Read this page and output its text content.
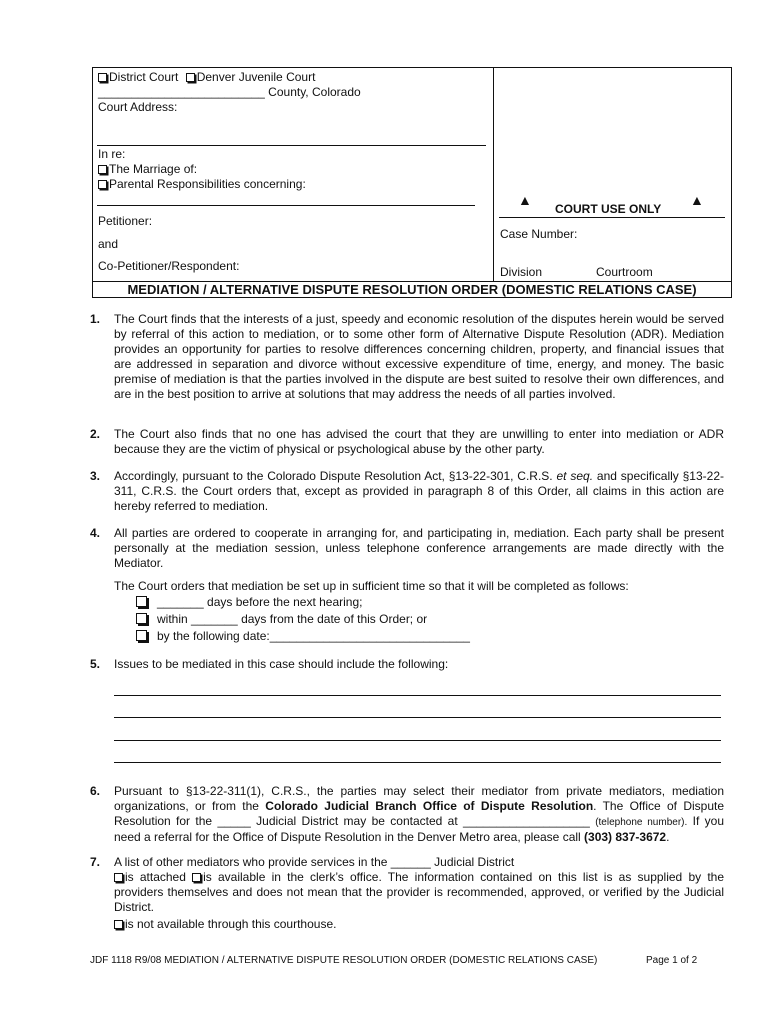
District Court Denver Juvenile Court
_________________________ County, Colorado
Court Address:
In re:
The Marriage of:
Parental Responsibilities concerning:
Petitioner:
and
Co-Petitioner/Respondent:
▲
COURT USE ONLY
▲
Case Number:
Division	Courtroom
MEDIATION / ALTERNATIVE DISPUTE RESOLUTION ORDER (DOMESTIC RELATIONS CASE)
1. The Court finds that the interests of a just, speedy and economic resolution of the disputes herein would be served by referral of this action to mediation, or to some other form of Alternative Dispute Resolution (ADR). Mediation provides an opportunity for parties to resolve differences concerning children, property, and financial issues that are addressed in separation and divorce without excessive expenditure of time, energy, and money. The basic premise of mediation is that the parties involved in the dispute are best suited to resolve their own differences, and are in the best position to arrive at solutions that may address the needs of all parties involved.
2. The Court also finds that no one has advised the court that they are unwilling to enter into mediation or ADR because they are the victim of physical or psychological abuse by the other party.
3. Accordingly, pursuant to the Colorado Dispute Resolution Act, §13-22-301, C.R.S. et seq. and specifically §13-22-311, C.R.S. the Court orders that, except as provided in paragraph 8 of this Order, all claims in this action are hereby referred to mediation.
4. All parties are ordered to cooperate in arranging for, and participating in, mediation. Each party shall be present personally at the mediation session, unless telephone conference arrangements are made directly with the Mediator.
The Court orders that mediation be set up in sufficient time so that it will be completed as follows:
_______ days before the next hearing;
within _______ days from the date of this Order; or
by the following date:______________________________
5. Issues to be mediated in this case should include the following:
6. Pursuant to §13-22-311(1), C.R.S., the parties may select their mediator from private mediators, mediation organizations, or from the Colorado Judicial Branch Office of Dispute Resolution. The Office of Dispute Resolution for the _____ Judicial District may be contacted at ___________________ (telephone number). If you need a referral for the Office of Dispute Resolution in the Denver Metro area, please call (303) 837-3672.
7. A list of other mediators who provide services in the ______ Judicial District
is attached is available in the clerk’s office. The information contained on this list is as supplied by the providers themselves and does not mean that the provider is recommended, approved, or verified by the Judicial District.
is not available through this courthouse.
JDF 1118 R9/08 MEDIATION / ALTERNATIVE DISPUTE RESOLUTION ORDER (DOMESTIC RELATIONS CASE)	Page 1 of 2
